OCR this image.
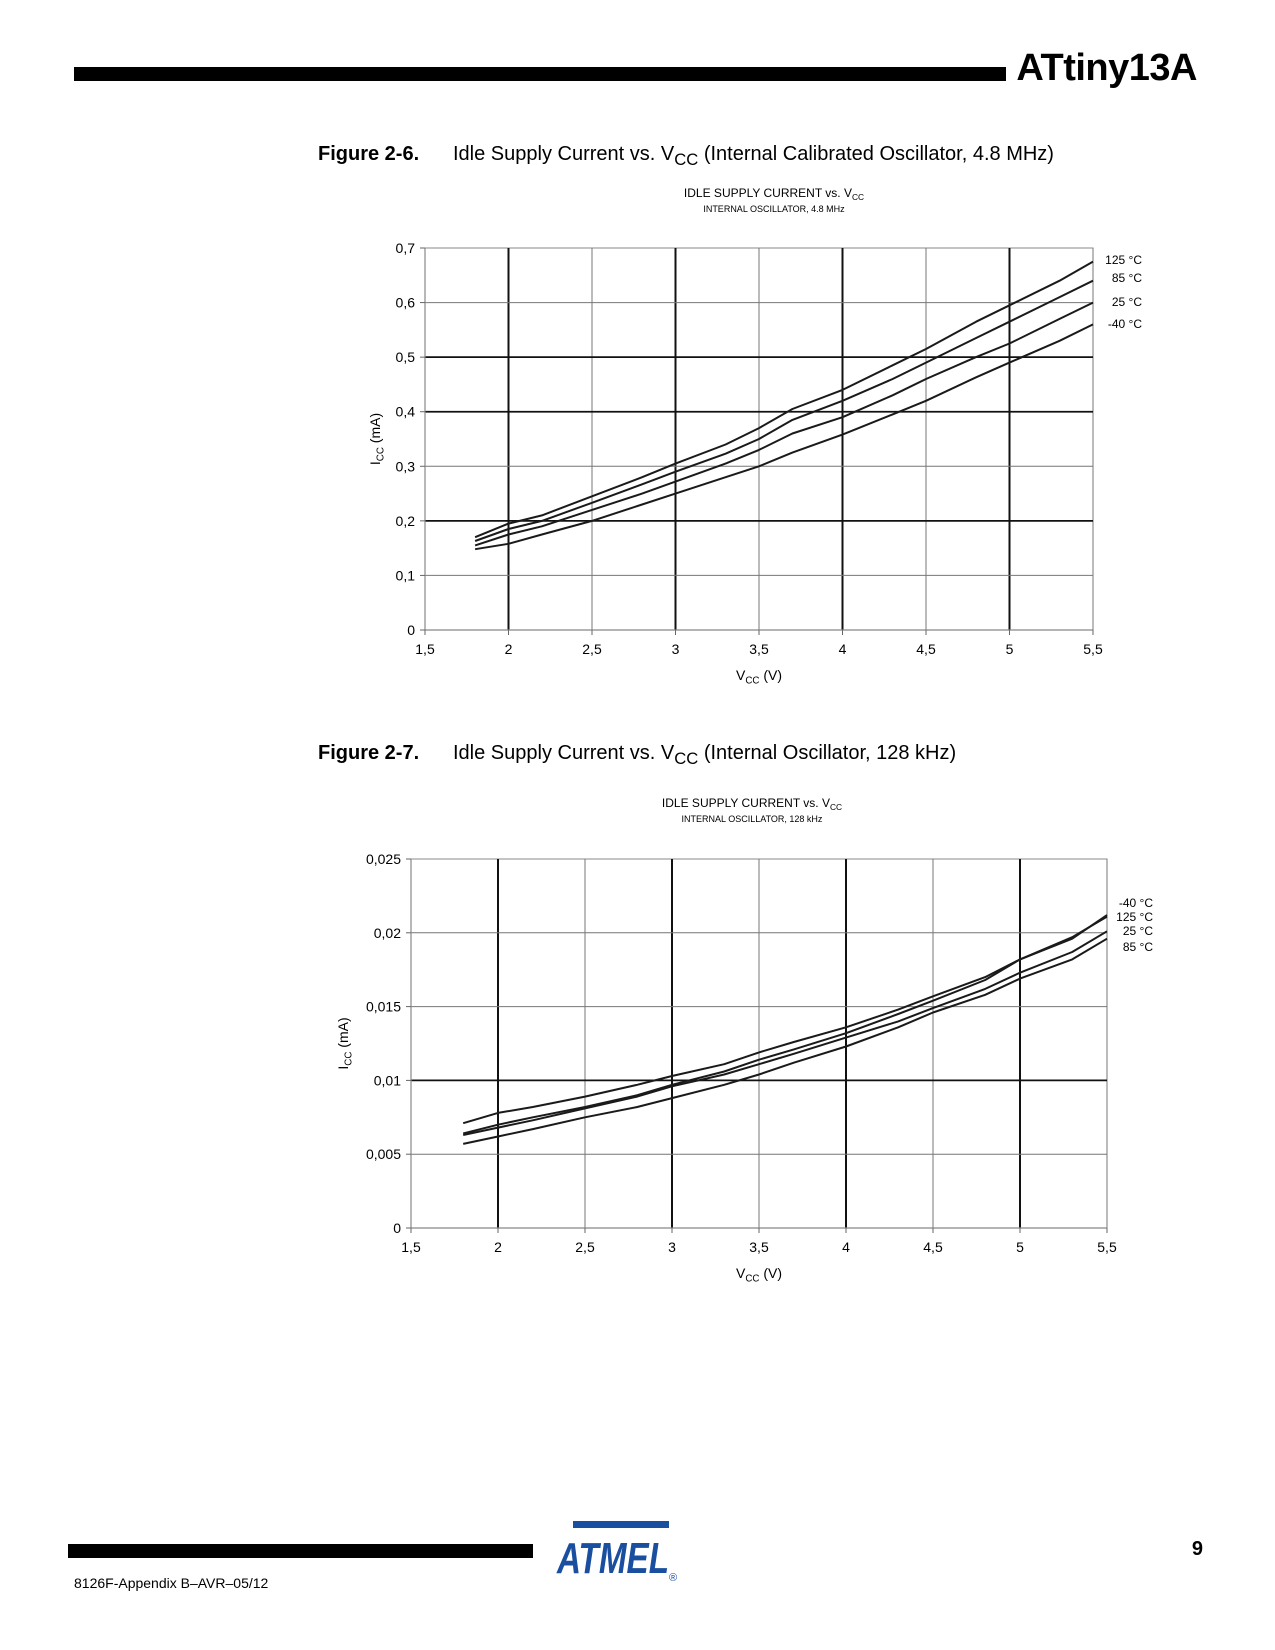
ATtiny13A
Figure 2-6. Idle Supply Current vs. $V_{CC}$ (Internal Calibrated Oscillator, 4.8 MHz)
Figure 2-7. Idle Supply Current vs. $V_{CC}$ (Internal Oscillator, 128 kHz)
IDLE SUPPLY CURRENT vs. $V_{CC}$
INTERNAL OSCILLATOR, 4.8 MHz
1,5	2	2,5	3	3,5	4	4,5	5	5,5
0
0,1
0,2
0,3
0,4
0,5
0,6
0,7
$V_{CC}$ (V)
$I_{CC}$ (mA)
125 °C
85 °C
25 °C
-40 °C
IDLE SUPPLY CURRENT vs. $V_{CC}$
INTERNAL OSCILLATOR, 128 kHz
1,5	2	2,5	3	3,5	4	4,5	5	5,5
0
0,005
0,01
0,015
0,02
0,025
$V_{CC}$ (V)
$I_{CC}$ (mA)
-40 °C
125 °C
25 °C
85 °C
8126F-Appendix B–AVR–05/12
9
ATMEL ®
